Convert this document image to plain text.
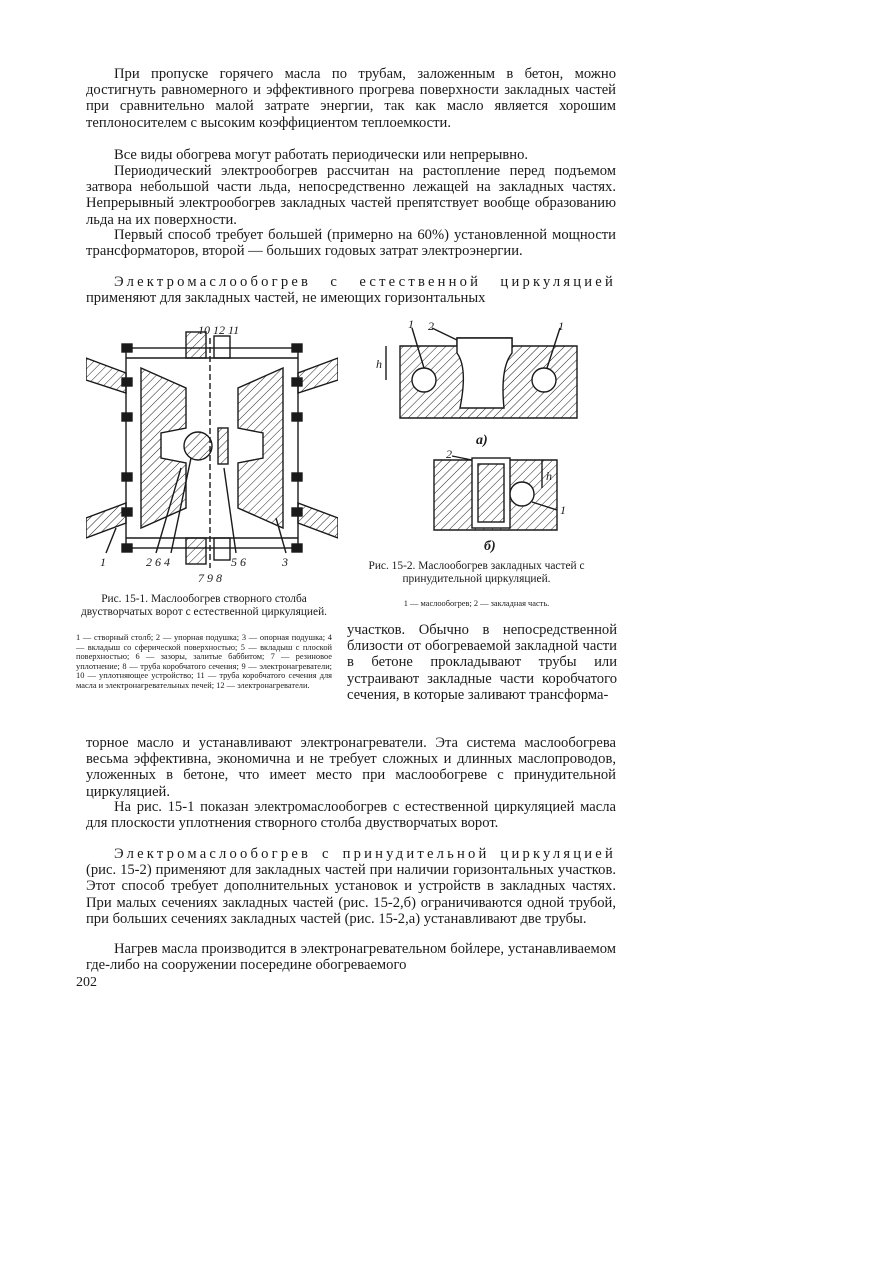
При пропуске горячего масла по трубам, заложенным в бетон, можно достигнуть равномерного и эффективного прогрева поверхности закладных частей при сравнительно малой затрате энергии, так как масло является хорошим теплоносителем с высоким коэффициентом теплоемкости.

Все виды обогрева могут работать периодически или непрерывно.

Периодический электрообогрев рассчитан на растопление перед подъемом затвора небольшой части льда, непосредственно лежащей на закладных частях. Непрерывный электрообогрев закладных частей препятствует вообще образованию льда на их поверхности.

Первый способ требует большей (примерно на 60%) установленной мощности трансформаторов, второй — больших годовых затрат электроэнергии.

Электромаслообогрев с естественной циркуляцией применяют для закладных частей, не имеющих горизонтальных

10 12 11
1	2 6 4	5 6	3
7 9 8
1 2	1
h
а)
2
h
1
б)

Рис. 15-2. Маслообогрев закладных частей с принудительной циркуляцией.

1 — маслообогрев; 2 — закладная часть.

Рис. 15-1. Маслообогрев створного столба двустворчатых ворот с естественной циркуляцией.

1 — створный столб; 2 — упорная подушка; 3 — опорная подушка; 4 — вкладыш со сферической поверхностью; 5 — вкладыш с плоской поверхностью; 6 — зазоры, залитые баббитом; 7 — резиновое уплотнение; 8 — труба коробчатого сечения; 9 — электронагреватели; 10 — уплотняющее устройство; 11 — труба коробчатого сечения для масла и электронагревательных печей; 12 — электронагреватели.

участков. Обычно в непосредственной близости от обогреваемой закладной части в бетоне прокладывают трубы или устраивают закладные части коробчатого сечения, в которые заливают трансформа-

торное масло и устанавливают электронагреватели. Эта система маслообогрева весьма эффективна, экономична и не требует сложных и длинных маслопроводов, уложенных в бетоне, что имеет место при маслообогреве с принудительной циркуляцией.

На рис. 15-1 показан электромаслообогрев с естественной циркуляцией масла для плоскости уплотнения створного столба двустворчатых ворот.

Электромаслообогрев с принудительной циркуляцией (рис. 15-2) применяют для закладных частей при наличии горизонтальных участков. Этот способ требует дополнительных установок и устройств в закладных частях. При малых сечениях закладных частей (рис. 15-2,б) ограничиваются одной трубой, при больших сечениях закладных частей (рис. 15-2,а) устанавливают две трубы.

Нагрев масла производится в электронагревательном бойлере, устанавливаемом где-либо на сооружении посередине обогреваемого

202
